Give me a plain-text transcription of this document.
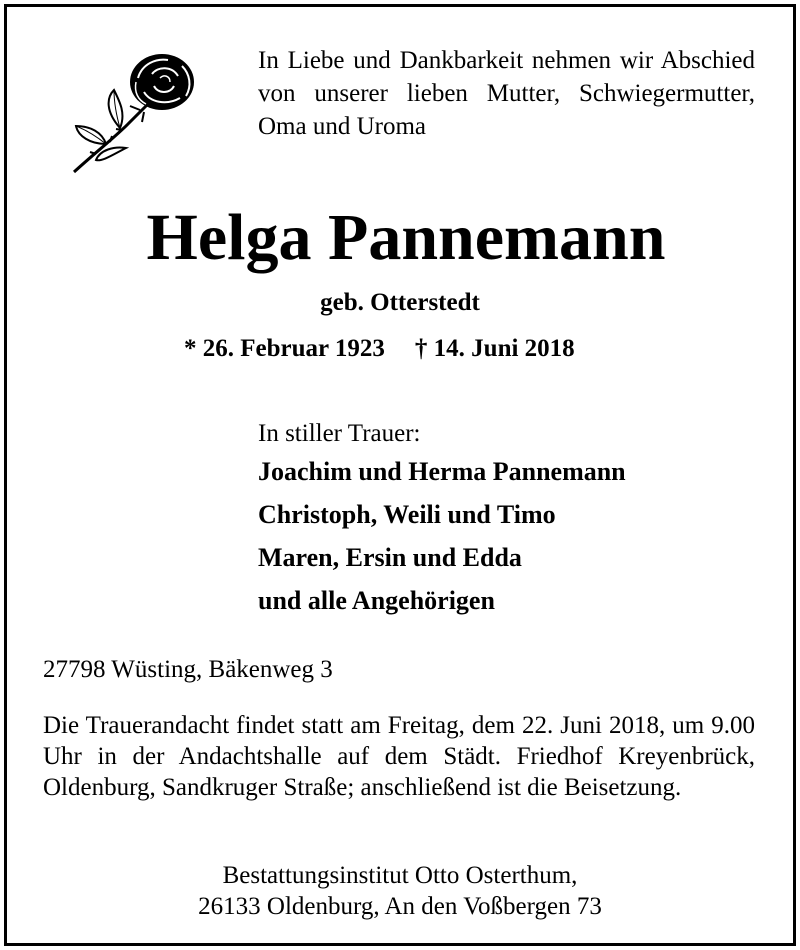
In Liebe und Dankbarkeit nehmen wir Abschied von unserer lieben Mutter, Schwiegermutter, Oma und Uroma
Helga Pannemann
geb. Otterstedt
* 26. Februar 1923 † 14. Juni 2018
In stiller Trauer:
Joachim und Herma Pannemann
Christoph, Weili und Timo
Maren, Ersin und Edda
und alle Angehörigen
27798 Wüsting, Bäkenweg 3
Die Trauerandacht findet statt am Freitag, dem 22. Juni 2018, um 9.00 Uhr in der Andachtshalle auf dem Städt. Friedhof Kreyenbrück, Oldenburg, Sandkruger Straße; anschließend ist die Beisetzung.
Bestattungsinstitut Otto Osterthum,
26133 Oldenburg, An den Voßbergen 73
